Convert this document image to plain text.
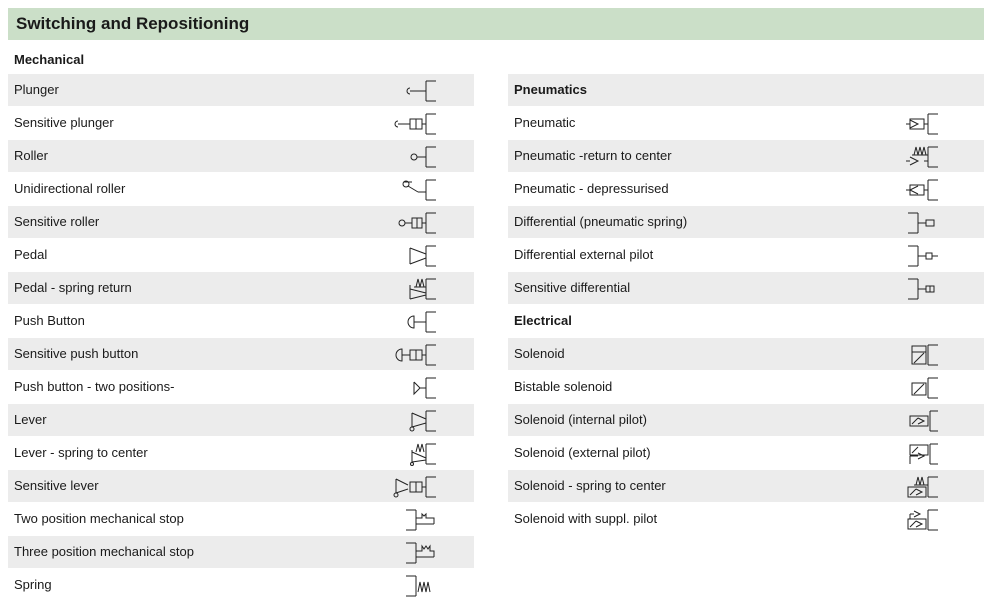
Switching and Repositioning
Mechanical
Plunger
Sensitive plunger
Roller
Unidirectional roller
Sensitive roller
Pedal
Pedal - spring return
Push Button
Sensitive push button
Push button - two positions-
Lever
Lever - spring to center
Sensitive lever
Two position mechanical stop
Three position mechanical stop
Spring
Pneumatics
Pneumatic
Pneumatic -return to center
Pneumatic - depressurised
Differential (pneumatic spring)
Differential external pilot
Sensitive differential
Electrical
Solenoid
Bistable solenoid
Solenoid (internal pilot)
Solenoid (external pilot)
Solenoid - spring to center
Solenoid with suppl. pilot
